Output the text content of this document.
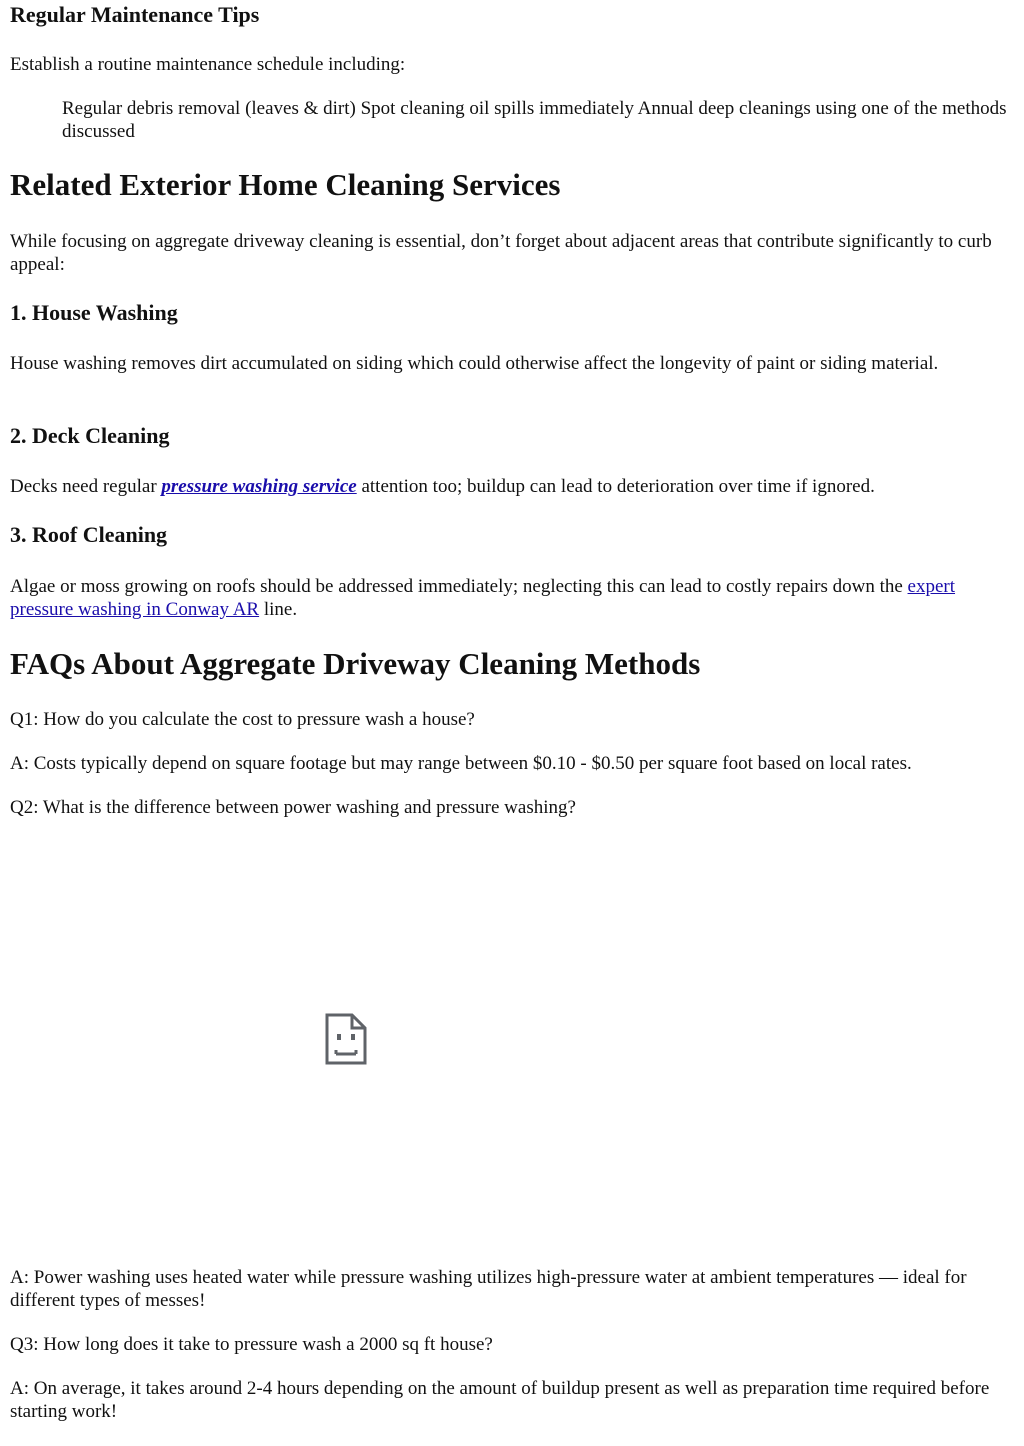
Regular Maintenance Tips

Establish a routine maintenance schedule including:

Regular debris removal (leaves & dirt) Spot cleaning oil spills immediately Annual deep cleanings using one of the methods discussed

Related Exterior Home Cleaning Services

While focusing on aggregate driveway cleaning is essential, don’t forget about adjacent areas that contribute significantly to curb appeal:

1. House Washing

House washing removes dirt accumulated on siding which could otherwise affect the longevity of paint or siding material.

2. Deck Cleaning

Decks need regular pressure washing service attention too; buildup can lead to deterioration over time if ignored.

3. Roof Cleaning

Algae or moss growing on roofs should be addressed immediately; neglecting this can lead to costly repairs down the expert pressure washing in Conway AR line.

FAQs About Aggregate Driveway Cleaning Methods

Q1: How do you calculate the cost to pressure wash a house?

A: Costs typically depend on square footage but may range between $0.10 - $0.50 per square foot based on local rates.

Q2: What is the difference between power washing and pressure washing?

A: Power washing uses heated water while pressure washing utilizes high-pressure water at ambient temperatures — ideal for different types of messes!

Q3: How long does it take to pressure wash a 2000 sq ft house?

A: On average, it takes around 2-4 hours depending on the amount of buildup present as well as preparation time required before starting work!
